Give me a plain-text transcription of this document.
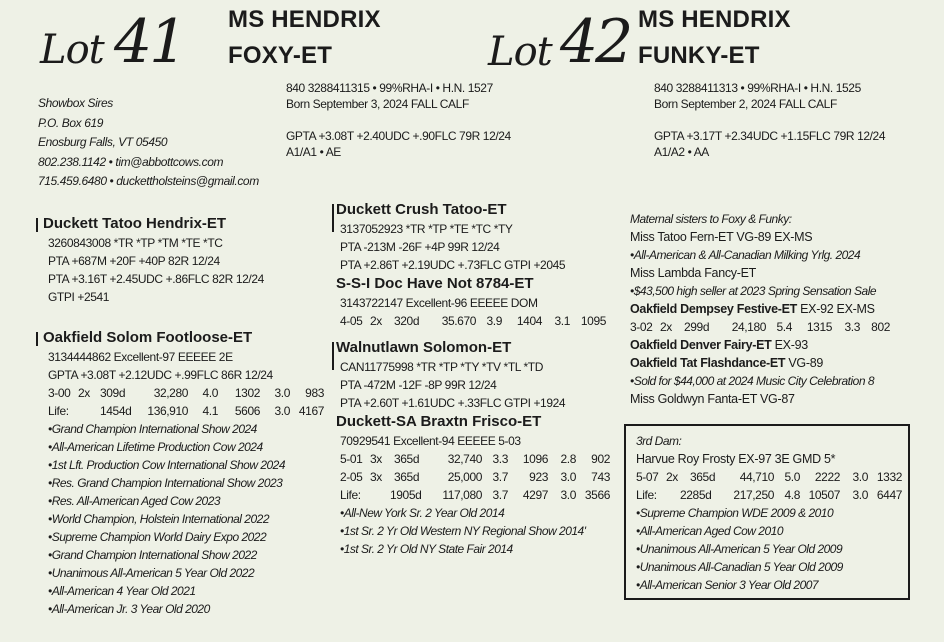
Lot 41 MS HENDRIX
FOXY-ET
840 3288411315 • 99%RHA-I • H.N. 1527
Born September 3, 2024 FALL CALF
GPTA +3.08T +2.40UDC +.90FLC 79R 12/24
A1/A1 • AE
Lot 42 MS HENDRIX
FUNKY-ET
840 3288411313 • 99%RHA-I • H.N. 1525
Born September 2, 2024 FALL CALF
GPTA +3.17T +2.34UDC +1.15FLC 79R 12/24
A1/A2 • AA
Showbox Sires
P.O. Box 619
Enosburg Falls, VT 05450
802.238.1142 • tim@abbottcows.com
715.459.6480 • duckettholsteins@gmail.com
Duckett Tatoo Hendrix-ET
3260843008 *TR *TP *TM *TE *TC
PTA +687M +20F +40P 82R 12/24
PTA +3.16T +2.45UDC +.86FLC 82R 12/24
GTPI +2541
Oakfield Solom Footloose-ET
3134444862 Excellent-97 EEEEE 2E
GPTA +3.08T +2.12UDC +.99FLC 86R 12/24
3-00 2x 309d 32,280 4.0 1302 3.0 983
Life:	1454d 136,910 4.1 5606 3.0 4167
•Grand Champion International Show 2024
•All-American Lifetime Production Cow 2024
•1st Lft. Production Cow International Show 2024
•Res. Grand Champion International Show 2023
•Res. All-American Aged Cow 2023
•World Champion, Holstein International 2022
•Supreme Champion World Dairy Expo 2022
•Grand Champion International Show 2022
•Unanimous All-American 5 Year Old 2022
•All-American 4 Year Old 2021
•All-American Jr. 3 Year Old 2020
Duckett Crush Tatoo-ET
3137052923 *TR *TP *TE *TC *TY
PTA -213M -26F +4P 99R 12/24
PTA +2.86T +2.19UDC +.73FLC GTPI +2045
S-S-I Doc Have Not 8784-ET
3143722147 Excellent-96 EEEEE DOM
4-05 2x 320d 35.670 3.9 1404 3.1 1095
Walnutlawn Solomon-ET
CAN11775998 *TR *TP *TY *TV *TL *TD
PTA -472M -12F -8P 99R 12/24
PTA +2.60T +1.61UDC +.33FLC GTPI +1924
Duckett-SA Braxtn Frisco-ET
70929541 Excellent-94 EEEEE 5-03
5-01 3x 365d 32,740 3.3 1096 2.8 902
2-05 3x 365d 25,000 3.7 923 3.0 743
Life: 1905d 117,080 3.7 4297 3.0 3566
•All-New York Sr. 2 Year Old 2014
•1st Sr. 2 Yr Old Western NY Regional Show 2014'
•1st Sr. 2 Yr Old NY State Fair 2014
Maternal sisters to Foxy & Funky:
Miss Tatoo Fern-ET VG-89 EX-MS
•All-American & All-Canadian Milking Yrlg. 2024
Miss Lambda Fancy-ET
•$43,500 high seller at 2023 Spring Sensation Sale
Oakfield Dempsey Festive-ET EX-92 EX-MS
3-02 2x 299d 24,180 5.4 1315 3.3 802
Oakfield Denver Fairy-ET EX-93
Oakfield Tat Flashdance-ET VG-89
•Sold for $44,000 at 2024 Music City Celebration 8
Miss Goldwyn Fanta-ET VG-87
3rd Dam:
Harvue Roy Frosty EX-97 3E GMD 5*
5-07 2x 365d 44,710 5.0 2222 3.0 1332
Life: 2285d 217,250 4.8 10507 3.0 6447
•Supreme Champion WDE 2009 & 2010
•All-American Aged Cow 2010
•Unanimous All-American 5 Year Old 2009
•Unanimous All-Canadian 5 Year Old 2009
•All-American Senior 3 Year Old 2007
